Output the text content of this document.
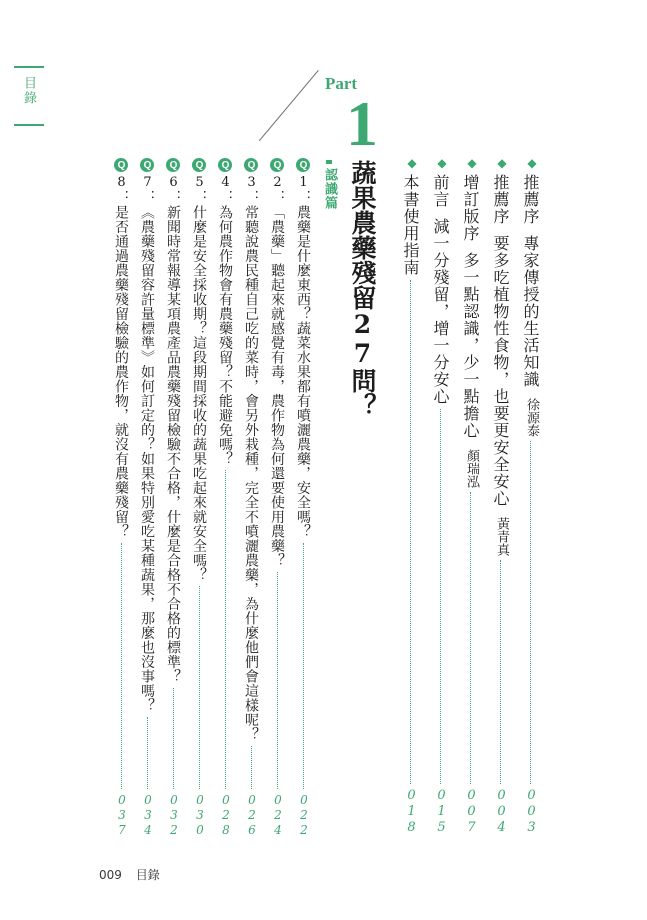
目錄	Part
1
蔬果農藥殘留27問？
認識篇
◆
推薦序
專家傳授的生活知識
徐源泰
003
◆
推薦序
要多吃植物性食物，也要更安全安心
黃青真
004
◆
增訂版序
多一點認識，少一點擔心
顏瑞泓
007
◆
前言
減一分殘留，增一分安心
015
◆
本書使用指南
018
Q
1：
農藥是什麼東西？蔬菜水果都有噴灑農藥，安全嗎？
022
Q
2：
「農藥」聽起來就感覺有毒，農作物為何還要使用農藥？
024
Q
3：
常聽說農民種自己吃的菜時，會另外栽種，完全不噴灑農藥，為什麼他們會這樣呢？
026
Q
4：
為何農作物會有農藥殘留？不能避免嗎？
028
Q
5：
什麼是安全採收期？這段期間採收的蔬果吃起來就安全嗎？
030
Q
6：
新聞時常報導某項農產品農藥殘留檢驗不合格，什麼是合格不合格的標準？
032
Q
7：
《農藥殘留容許量標準》如何訂定的？如果特別愛吃某種蔬果，那麼也沒事嗎？
034
Q
8：
是否通過農藥殘留檢驗的農作物，就沒有農藥殘留？
037
009 目錄
